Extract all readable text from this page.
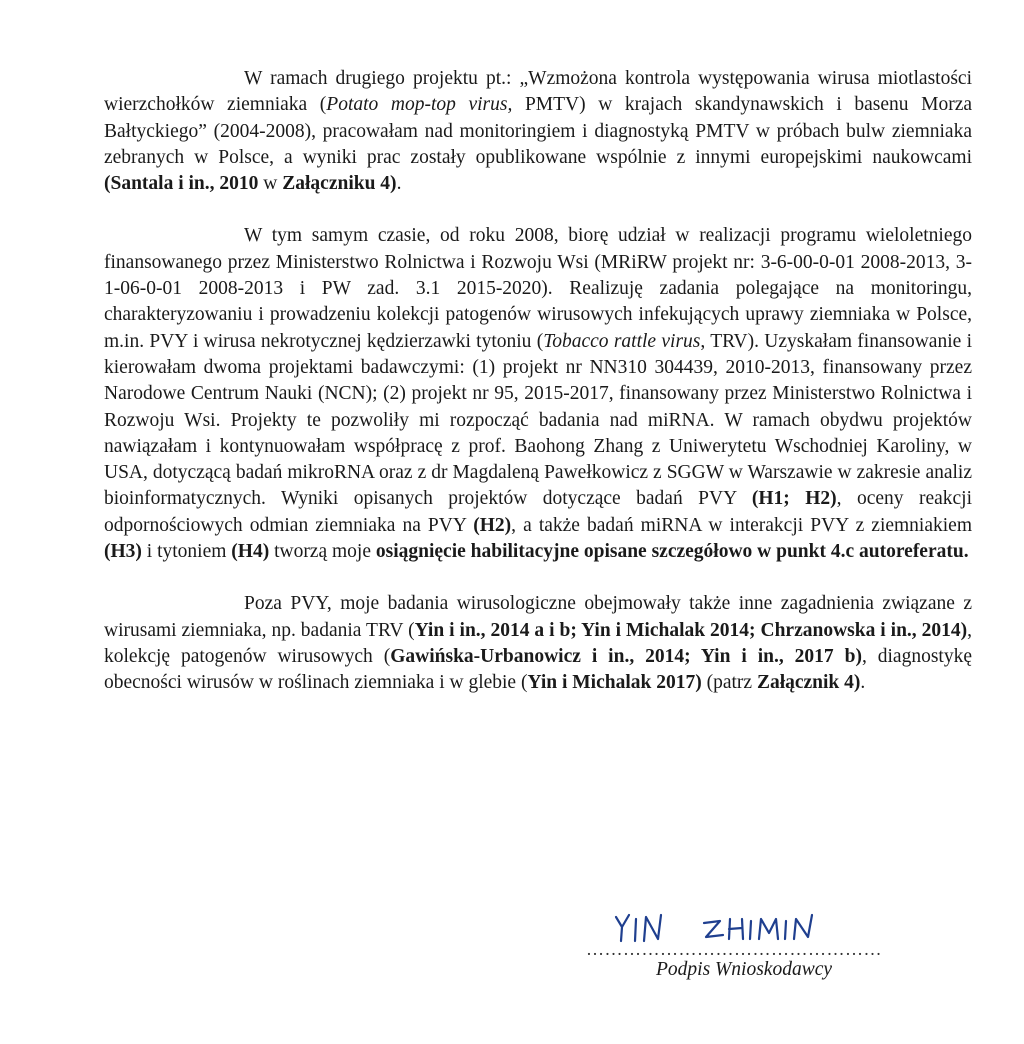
W ramach drugiego projektu pt.: „Wzmożona kontrola występowania wirusa miotlastości wierzchołków ziemniaka (Potato mop-top virus, PMTV) w krajach skandynawskich i basenu Morza Bałtyckiego” (2004-2008), pracowałam nad monitoringiem i diagnostyką PMTV w próbach bulw ziemniaka zebranych w Polsce, a wyniki prac zostały opublikowane wspólnie z innymi europejskimi naukowcami (Santala i in., 2010 w Załączniku 4).

W tym samym czasie, od roku 2008, biorę udział w realizacji programu wieloletniego finansowanego przez Ministerstwo Rolnictwa i Rozwoju Wsi (MRiRW projekt nr: 3-6-00-0-01 2008-2013, 3-1-06-0-01 2008-2013 i PW zad. 3.1 2015-2020). Realizuję zadania polegające na monitoringu, charakteryzowaniu i prowadzeniu kolekcji patogenów wirusowych infekujących uprawy ziemniaka w Polsce, m.in. PVY i wirusa nekrotycznej kędzierzawki tytoniu (Tobacco rattle virus, TRV). Uzyskałam finansowanie i kierowałam dwoma projektami badawczymi: (1) projekt nr NN310 304439, 2010-2013, finansowany przez Narodowe Centrum Nauki (NCN); (2) projekt nr 95, 2015-2017, finansowany przez Ministerstwo Rolnictwa i Rozwoju Wsi. Projekty te pozwoliły mi rozpocząć badania nad miRNA. W ramach obydwu projektów nawiązałam i kontynuowałam współpracę z prof. Baohong Zhang z Uniwerytetu Wschodniej Karoliny, w USA, dotyczącą badań mikroRNA oraz z dr Magdaleną Pawełkowicz z SGGW w Warszawie w zakresie analiz bioinformatycznych. Wyniki opisanych projektów dotyczące badań PVY (H1; H2), oceny reakcji odpornościowych odmian ziemniaka na PVY (H2), a także badań miRNA w interakcji PVY z ziemniakiem (H3) i tytoniem (H4) tworzą moje osiągnięcie habilitacyjne opisane szczegółowo w punkt 4.c autoreferatu.

Poza PVY, moje badania wirusologiczne obejmowały także inne zagadnienia związane z wirusami ziemniaka, np. badania TRV (Yin i in., 2014 a i b; Yin i Michalak 2014; Chrzanowska i in., 2014), kolekcję patogenów wirusowych (Gawińska-Urbanowicz i in., 2014; Yin i in., 2017 b), diagnostykę obecności wirusów w roślinach ziemniaka i w glebie (Yin i Michalak 2017) (patrz Załącznik 4).

…………………………………………
Podpis Wnioskodawcy
